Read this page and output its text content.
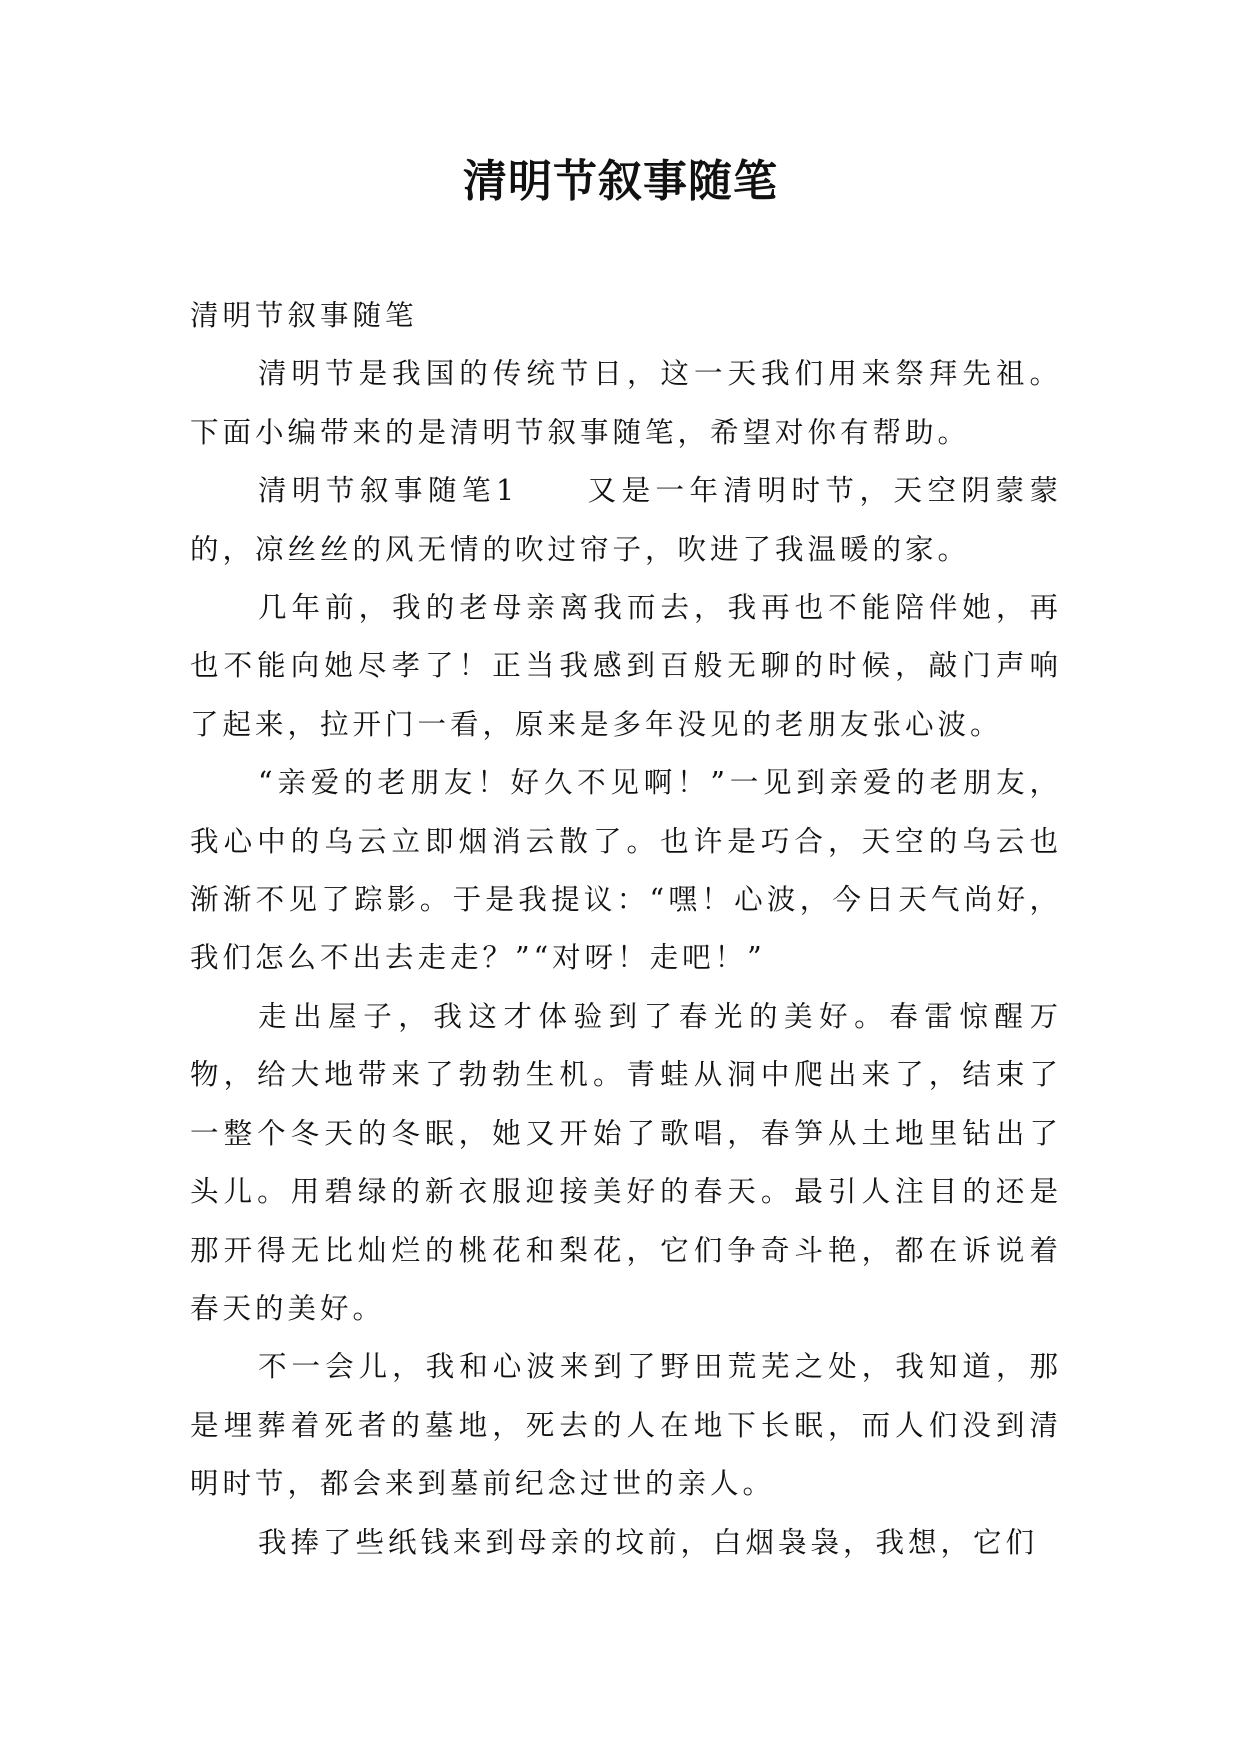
清明节叙事随笔

清明节叙事随笔

清明节是我国的传统节日，这一天我们用来祭拜先祖。下面小编带来的是清明节叙事随笔，希望对你有帮助。

清明节叙事随笔1　　又是一年清明时节，天空阴蒙蒙的，凉丝丝的风无情的吹过帘子，吹进了我温暖的家。

几年前，我的老母亲离我而去，我再也不能陪伴她，再也不能向她尽孝了！正当我感到百般无聊的时候，敲门声响了起来，拉开门一看，原来是多年没见的老朋友张心波。

“亲爱的老朋友！好久不见啊！”一见到亲爱的老朋友，我心中的乌云立即烟消云散了。也许是巧合，天空的乌云也渐渐不见了踪影。于是我提议：“嘿！心波，今日天气尚好，我们怎么不出去走走？”“对呀！走吧！”

走出屋子，我这才体验到了春光的美好。春雷惊醒万物，给大地带来了勃勃生机。青蛙从洞中爬出来了，结束了一整个冬天的冬眠，她又开始了歌唱，春笋从土地里钻出了头儿。用碧绿的新衣服迎接美好的春天。最引人注目的还是那开得无比灿烂的桃花和梨花，它们争奇斗艳，都在诉说着春天的美好。

不一会儿，我和心波来到了野田荒芜之处，我知道，那是埋葬着死者的墓地，死去的人在地下长眠，而人们没到清明时节，都会来到墓前纪念过世的亲人。

我捧了些纸钱来到母亲的坟前，白烟袅袅，我想，它们
